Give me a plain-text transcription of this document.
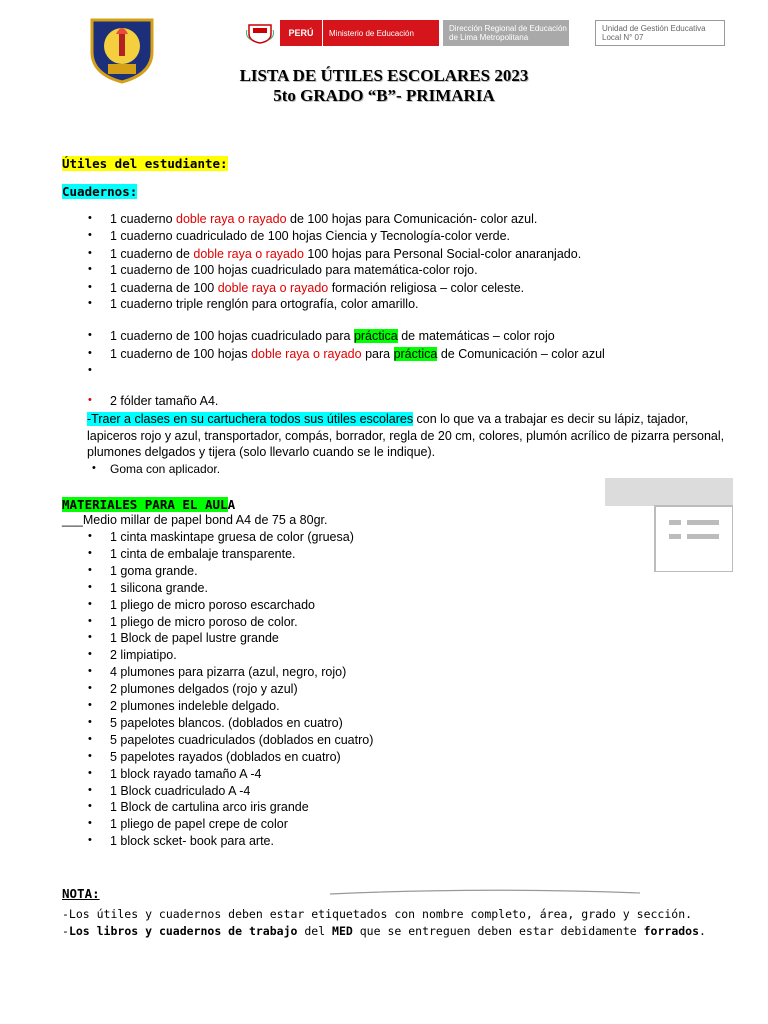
PERÚ	Ministerio de Educación	Dirección Regional de Educación de Lima Metropolitana
Unidad de Gestión Educativa Local N° 07
LISTA DE ÚTILES ESCOLARES 2023
5to GRADO “B”- PRIMARIA
Útiles del estudiante:
Cuadernos:
• 1 cuaderno doble raya o rayado de 100 hojas para Comunicación- color azul.
• 1 cuaderno cuadriculado de 100 hojas Ciencia y Tecnología-color verde.
• 1 cuaderno de doble raya o rayado 100 hojas para Personal Social-color anaranjado.
• 1 cuaderno de 100 hojas cuadriculado para matemática-color rojo.
• 1 cuaderna de 100 doble raya o rayado formación religiosa – color celeste.
• 1 cuaderno triple renglón para ortografía, color amarillo.
• 1 cuaderno de 100 hojas cuadriculado para práctica de matemáticas – color rojo
• 1 cuaderno de 100 hojas doble raya o rayado para práctica de Comunicación – color azul
•
• 2 fólder tamaño A4.
-Traer a clases en su cartuchera todos sus útiles escolares con lo que va a trabajar es decir su lápiz, tajador, lapiceros rojo y azul, transportador, compás, borrador, regla de 20 cm, colores, plumón acrílico de pizarra personal, plumones delgados y tijera (solo llevarlo cuando se le indique).
• Goma con aplicador.
MATERIALES PARA EL AULA
___Medio millar de papel bond A4 de 75 a 80gr.
• 1 cinta maskintape gruesa de color (gruesa)
• 1 cinta de embalaje transparente.
• 1 goma grande.
• 1 silicona grande.
• 1 pliego de micro poroso escarchado
• 1 pliego de micro poroso de color.
• 1 Block de papel lustre grande
• 2 limpiatipo.
• 4 plumones para pizarra (azul, negro, rojo)
• 2 plumones delgados (rojo y azul)
• 2 plumones indeleble delgado.
• 5 papelotes blancos. (doblados en cuatro)
• 5 papelotes cuadriculados (doblados en cuatro)
• 5 papelotes rayados (doblados en cuatro)
• 1 block rayado tamaño A -4
• 1 Block cuadriculado A -4
• 1 Block de cartulina arco iris grande
• 1 pliego de papel crepe de color
• 1 block scket- book para arte.
NOTA:
-Los útiles y cuadernos deben estar etiquetados con nombre completo, área, grado y sección.
-Los libros y cuadernos de trabajo del MED que se entreguen deben estar debidamente forrados.
